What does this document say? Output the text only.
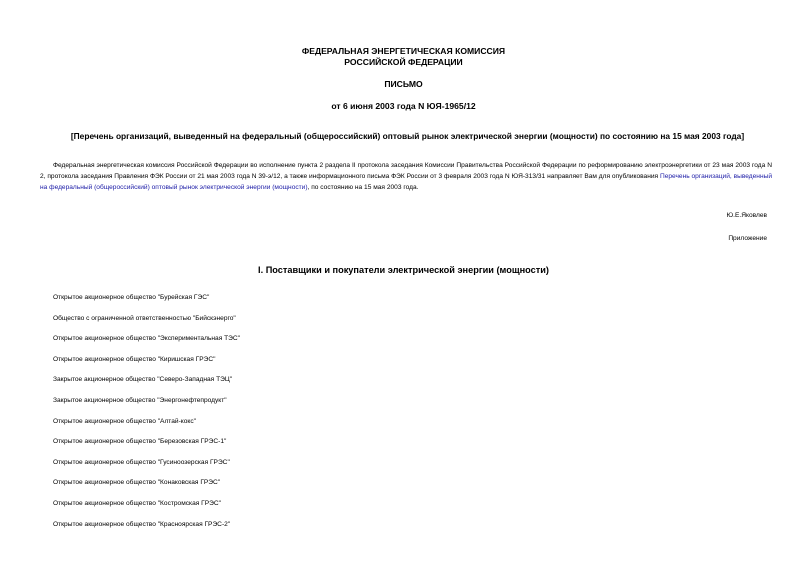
ФЕДЕРАЛЬНАЯ ЭНЕРГЕТИЧЕСКАЯ КОМИССИЯ
РОССИЙСКОЙ ФЕДЕРАЦИИ
ПИСЬМО
от 6 июня 2003 года N ЮЯ-1965/12
[Перечень организаций, выведенный на федеральный (общероссийский) оптовый рынок электрической энергии (мощности) по состоянию на 15 мая 2003 года]
Федеральная энергетическая комиссия Российской Федерации во исполнение пункта 2 раздела II протокола заседания Комиссии Правительства Российской Федерации по реформированию электроэнергетики от 23 мая 2003 года N 2, протокола заседания Правления ФЭК России от 21 мая 2003 года N 39-э/12, а также информационного письма ФЭК России от 3 февраля 2003 года N ЮЯ-313/31 направляет Вам для опубликования Перечень организаций, выведенный на федеральный (общероссийский) оптовый рынок электрической энергии (мощности), по состоянию на 15 мая 2003 года.
Ю.Е.Яковлев
Приложение
I. Поставщики и покупатели электрической энергии (мощности)
Открытое акционерное общество "Бурейская ГЭС"
Общество с ограниченной ответственностью "Бийскэнерго"
Открытое акционерное общество "Экспериментальная ТЭС"
Открытое акционерное общество "Киришская ГРЭС"
Закрытое акционерное общество "Северо-Западная ТЭЦ"
Закрытое акционерное общество "Энергонефтепродукт"
Открытое акционерное общество "Алтай-кокс"
Открытое акционерное общество "Березовская ГРЭС-1"
Открытое акционерное общество "Гусиноозерская ГРЭС"
Открытое акционерное общество "Конаковская ГРЭС"
Открытое акционерное общество "Костромская ГРЭС"
Открытое акционерное общество "Красноярская ГРЭС-2"
